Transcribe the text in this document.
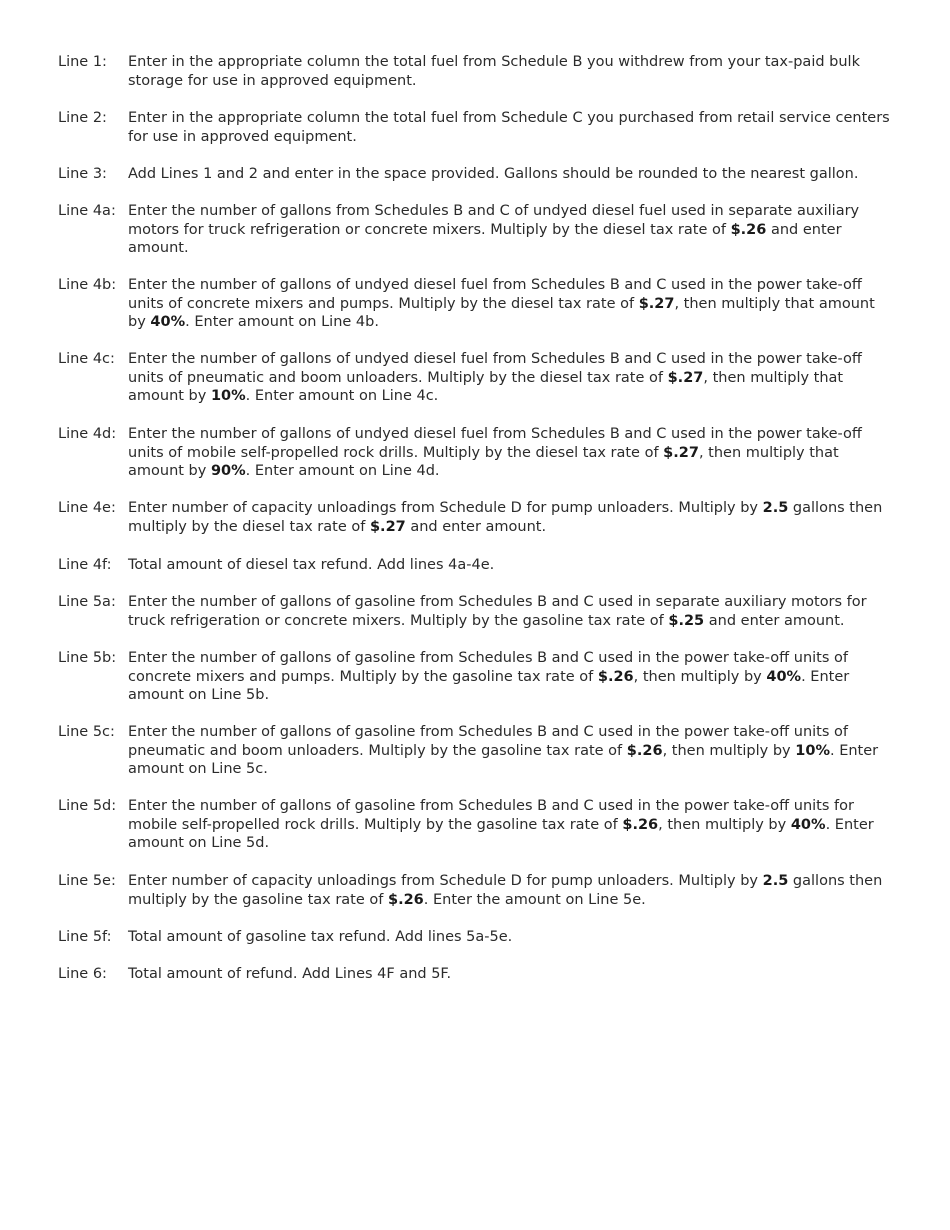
Line 1: Enter in the appropriate column the total fuel from Schedule B you withdrew from your tax-paid bulk
storage for use in approved equipment.
Line 2: Enter in the appropriate column the total fuel from Schedule C you purchased from retail service centers
for use in approved equipment.
Line 3: Add Lines 1 and 2 and enter in the space provided. Gallons should be rounded to the nearest gallon.
Line 4a: Enter the number of gallons from Schedules B and C of undyed diesel fuel used in separate auxiliary
motors for truck refrigeration or concrete mixers. Multiply by the diesel tax rate of $.26 and enter
amount.
Line 4b: Enter the number of gallons of undyed diesel fuel from Schedules B and C used in the power take-off
units of concrete mixers and pumps. Multiply by the diesel tax rate of $.27, then multiply that amount
by 40%. Enter amount on Line 4b.
Line 4c: Enter the number of gallons of undyed diesel fuel from Schedules B and C used in the power take-off
units of pneumatic and boom unloaders. Multiply by the diesel tax rate of $.27, then multiply that
amount by 10%. Enter amount on Line 4c.
Line 4d: Enter the number of gallons of undyed diesel fuel from Schedules B and C used in the power take-off
units of mobile self-propelled rock drills. Multiply by the diesel tax rate of $.27, then multiply that
amount by 90%. Enter amount on Line 4d.
Line 4e: Enter number of capacity unloadings from Schedule D for pump unloaders. Multiply by 2.5 gallons then
multiply by the diesel tax rate of $.27 and enter amount.
Line 4f: Total amount of diesel tax refund. Add lines 4a-4e.
Line 5a: Enter the number of gallons of gasoline from Schedules B and C used in separate auxiliary motors for
truck refrigeration or concrete mixers. Multiply by the gasoline tax rate of $.25 and enter amount.
Line 5b: Enter the number of gallons of gasoline from Schedules B and C used in the power take-off units of
concrete mixers and pumps. Multiply by the gasoline tax rate of $.26, then multiply by 40%. Enter
amount on Line 5b.
Line 5c: Enter the number of gallons of gasoline from Schedules B and C used in the power take-off units of
pneumatic and boom unloaders. Multiply by the gasoline tax rate of $.26, then multiply by 10%. Enter
amount on Line 5c.
Line 5d: Enter the number of gallons of gasoline from Schedules B and C used in the power take-off units for
mobile self-propelled rock drills. Multiply by the gasoline tax rate of $.26, then multiply by 40%. Enter
amount on Line 5d.
Line 5e: Enter number of capacity unloadings from Schedule D for pump unloaders. Multiply by 2.5 gallons then
multiply by the gasoline tax rate of $.26. Enter the amount on Line 5e.
Line 5f: Total amount of gasoline tax refund. Add lines 5a-5e.
Line 6: Total amount of refund. Add Lines 4F and 5F.
